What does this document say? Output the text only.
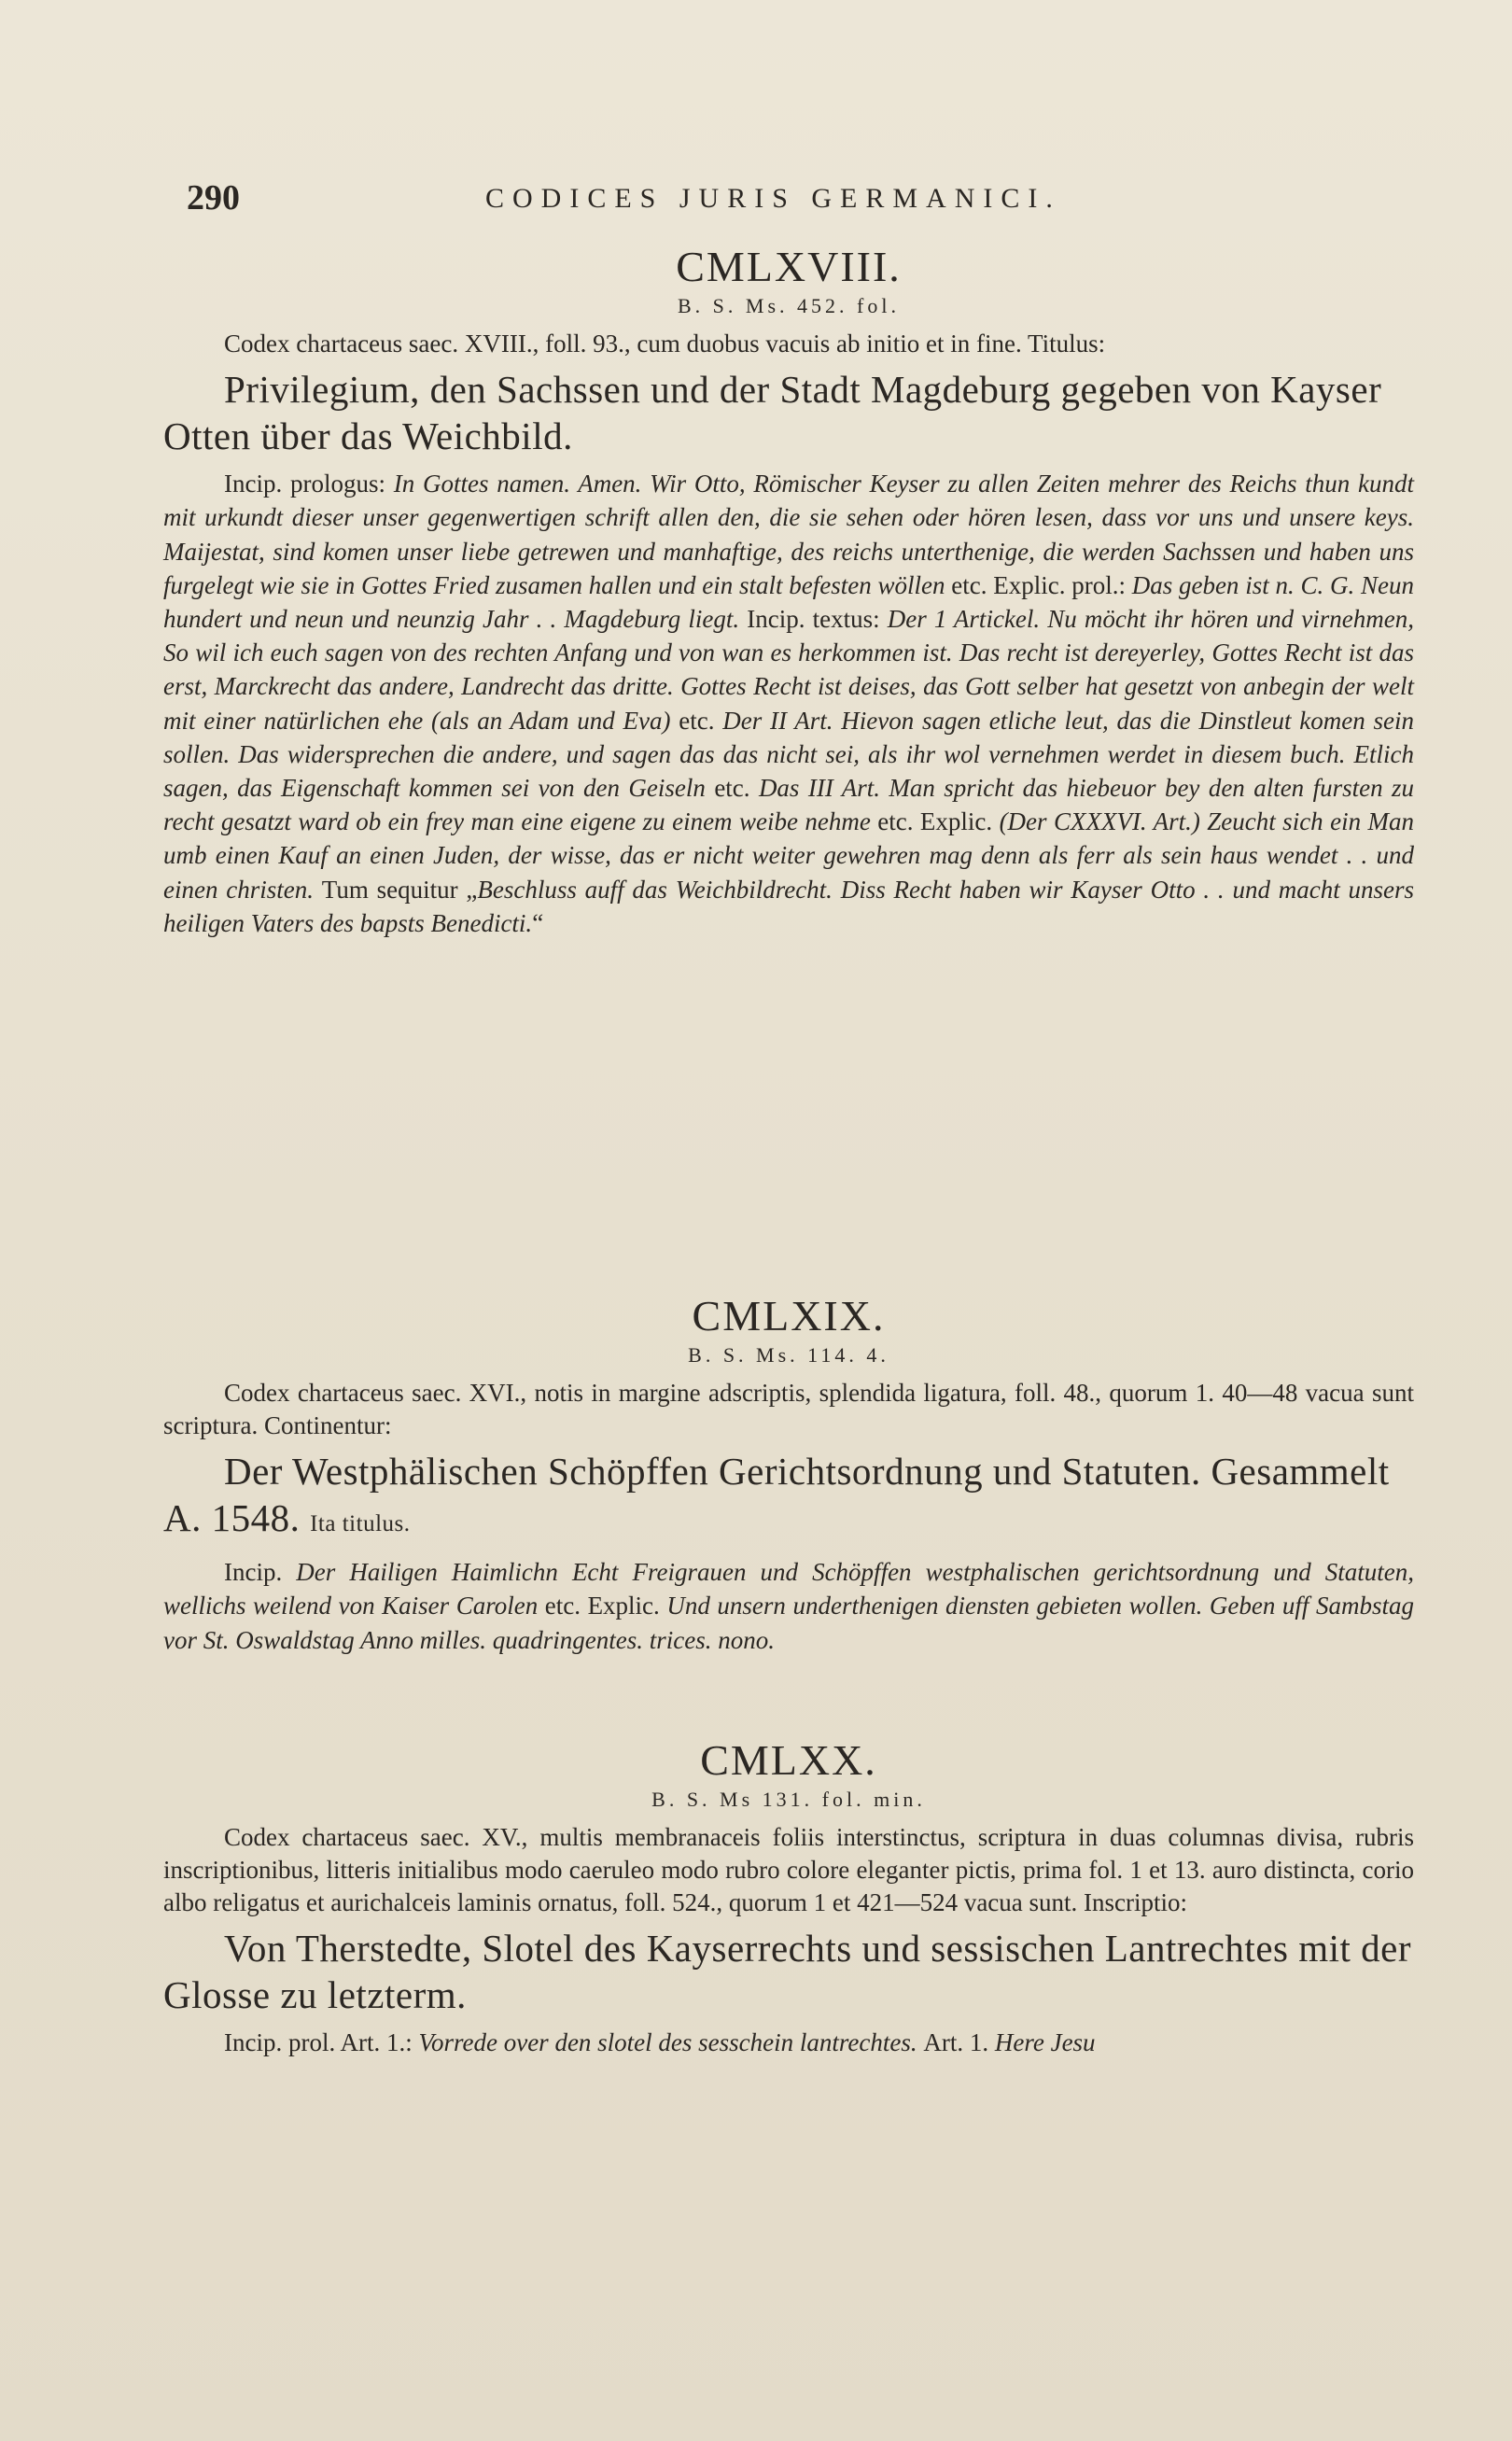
290	CODICES JURIS GERMANICI.
CMLXVIII.
B. S. Ms. 452. fol.

Codex chartaceus saec. XVIII., foll. 93., cum duobus vacuis ab initio et in fine. Titulus:

Privilegium, den Sachssen und der Stadt Magdeburg gegeben von Kayser Otten über das Weichbild.

Incip. prologus: In Gottes namen. Amen. Wir Otto, Römischer Keyser zu allen Zeiten mehrer des Reichs thun kundt mit urkundt dieser unser gegenwertigen schrift allen den, die sie sehen oder hören lesen, dass vor uns und unsere keys. Maijestat, sind komen unser liebe getrewen und manhaftige, des reichs unterthenige, die werden Sachssen und haben uns furgelegt wie sie in Gottes Fried zusamen hallen und ein stalt befesten wöllen etc. Explic. prol.: Das geben ist n. C. G. Neun hundert und neun und neunzig Jahr . . Magdeburg liegt. Incip. textus: Der 1 Artickel. Nu möcht ihr hören und virnehmen, So wil ich euch sagen von des rechten Anfang und von wan es herkommen ist. Das recht ist dereyerley, Gottes Recht ist das erst, Marckrecht das andere, Landrecht das dritte. Gottes Recht ist deises, das Gott selber hat gesetzt von anbegin der welt mit einer natürlichen ehe (als an Adam und Eva) etc. Der II Art. Hievon sagen etliche leut, das die Dinstleut komen sein sollen. Das widersprechen die andere, und sagen das das nicht sei, als ihr wol vernehmen werdet in diesem buch. Etlich sagen, das Eigenschaft kommen sei von den Geiseln etc. Das III Art. Man spricht das hiebeuor bey den alten fursten zu recht gesatzt ward ob ein frey man eine eigene zu einem weibe nehme etc. Explic. (Der CXXXVI. Art.) Zeucht sich ein Man umb einen Kauf an einen Juden, der wisse, das er nicht weiter gewehren mag denn als ferr als sein haus wendet . . und einen christen. Tum sequitur „Beschluss auff das Weichbildrecht. Diss Recht haben wir Kayser Otto . . und macht unsers heiligen Vaters des bapsts Benedicti.“

CMLXIX.
B. S. Ms. 114. 4.

Codex chartaceus saec. XVI., notis in margine adscriptis, splendida ligatura, foll. 48., quorum 1. 40—48 vacua sunt scriptura. Continentur:

Der Westphälischen Schöpffen Gerichtsordnung und Statuten. Gesammelt A. 1548. Ita titulus.

Incip. Der Hailigen Haimlichn Echt Freigrauen und Schöpffen westphalischen gerichtsordnung und Statuten, wellichs weilend von Kaiser Carolen etc. Explic. Und unsern underthenigen diensten gebieten wollen. Geben uff Sambstag vor St. Oswaldstag Anno milles. quadringentes. trices. nono.

CMLXX.
B. S. Ms 131. fol. min.

Codex chartaceus saec. XV., multis membranaceis foliis interstinctus, scriptura in duas columnas divisa, rubris inscriptionibus, litteris initialibus modo caeruleo modo rubro colore eleganter pictis, prima fol. 1 et 13. auro distincta, corio albo religatus et aurichalceis laminis ornatus, foll. 524., quorum 1 et 421—524 vacua sunt. Inscriptio:

Von Therstedte, Slotel des Kayserrechts und sessischen Lantrechtes mit der Glosse zu letzterm.

Incip. prol. Art. 1.: Vorrede over den slotel des sesschein lantrechtes. Art. 1. Here Jesu
